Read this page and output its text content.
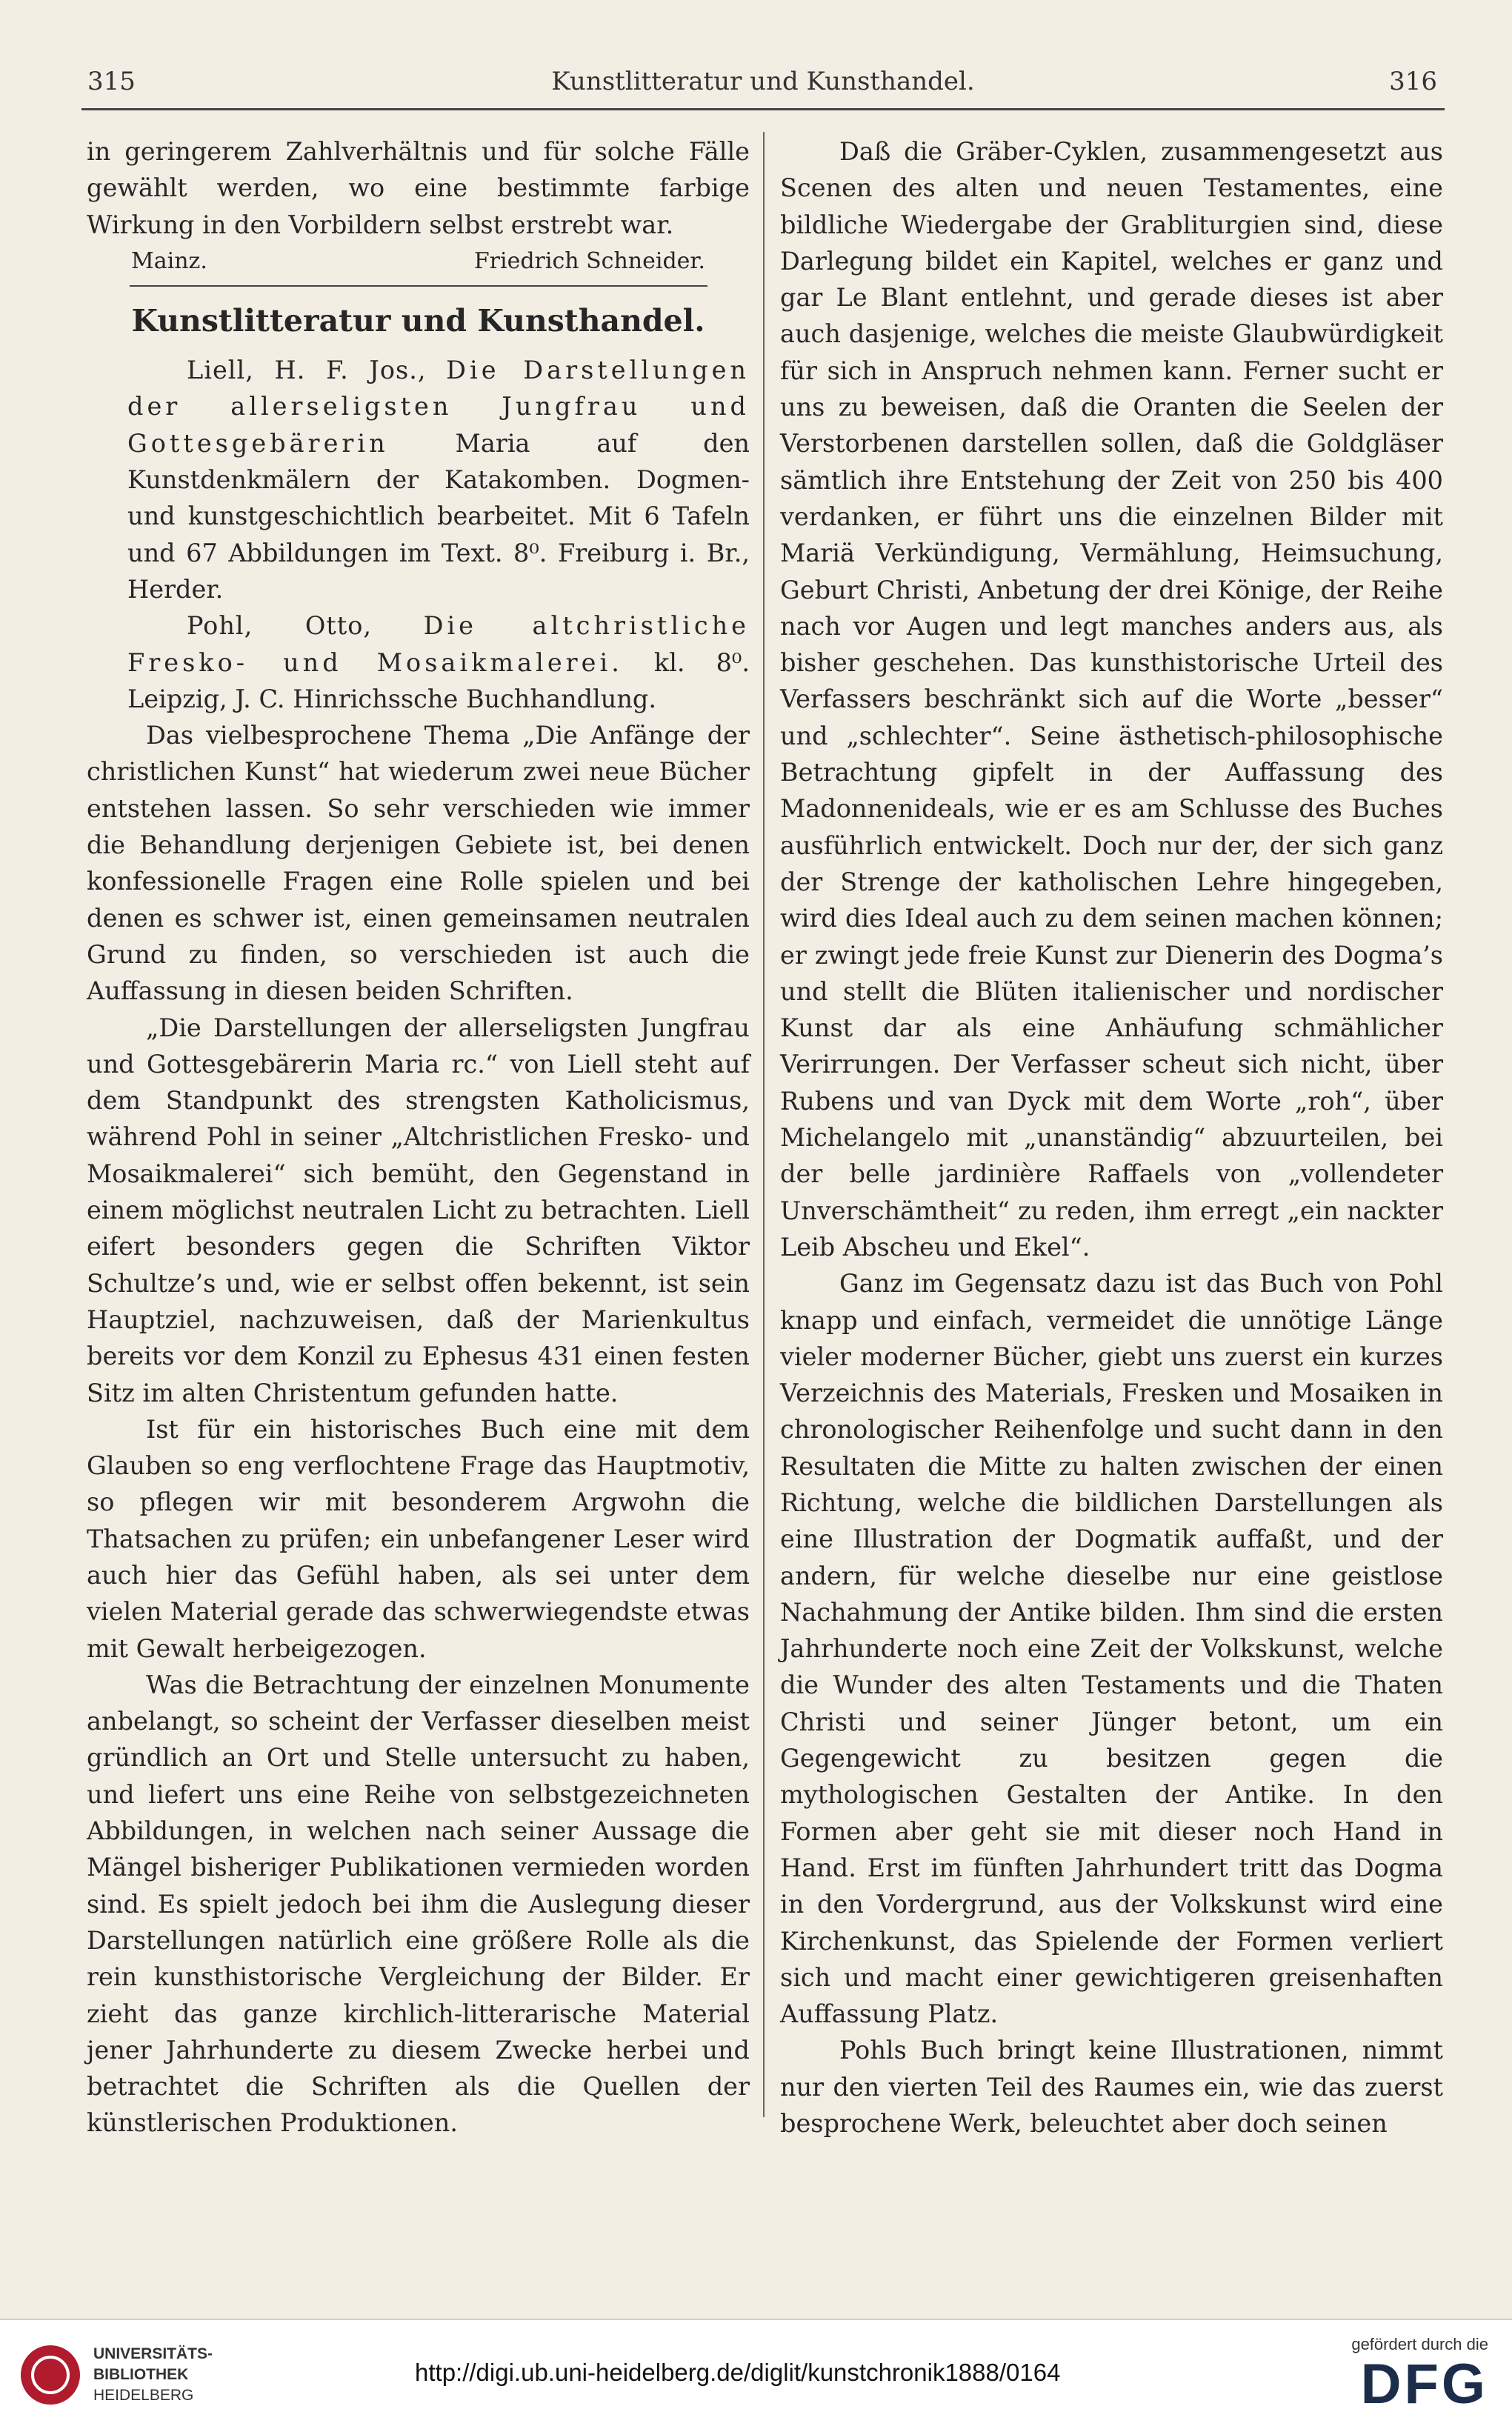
315	Kunstlitteratur und Kunsthandel.	316

in geringerem Zahlverhältnis und für solche Fälle gewählt werden, wo eine bestimmte farbige Wirkung in den Vorbildern selbst erstrebt war.

Mainz.	Friedrich Schneider.
Kunstlitteratur und Kunsthandel.

Liell, H. F. Jos., Die Darstellungen der allerseligsten Jungfrau und Gottesgebärerin	Maria auf den Kunstdenkmälern der Katakomben. Dogmen- und kunstgeschichtlich bearbeitet. Mit 6 Tafeln und 67 Abbildungen im Text. 8⁰. Freiburg i. Br., Herder.

Pohl, Otto, Die altchristliche Fresko- und Mosaikmalerei. kl. 8⁰. Leipzig, J. C. Hinrichssche Buchhandlung.

Das vielbesprochene Thema „Die Anfänge der christlichen Kunst“ hat wiederum zwei neue Bücher entstehen lassen. So sehr verschieden wie immer die Behandlung derjenigen Gebiete ist, bei denen konfessionelle Fragen eine Rolle spielen und bei denen es schwer ist, einen gemeinsamen neutralen Grund zu finden, so verschieden ist auch die Auffassung in diesen beiden Schriften.

„Die Darstellungen der allerseligsten Jungfrau und Gottesgebärerin Maria rc.“ von Liell steht auf dem Standpunkt des strengsten Katholicismus, während Pohl in seiner „Altchristlichen Fresko- und Mosaikmalerei“ sich bemüht, den Gegenstand in einem möglichst neutralen Licht zu betrachten. Liell eifert besonders gegen die Schriften Viktor Schultze’s und, wie er selbst offen bekennt, ist sein Hauptziel, nachzuweisen, daß der Marienkultus bereits vor dem Konzil zu Ephesus 431 einen festen Sitz im alten Christentum gefunden hatte.

Ist für ein historisches Buch eine mit dem Glauben so eng verflochtene Frage das Hauptmotiv, so pflegen wir mit besonderem Argwohn die Thatsachen zu prüfen; ein unbefangener Leser wird auch hier das Gefühl haben, als sei unter dem vielen Material gerade das schwerwiegendste etwas mit Gewalt herbeigezogen.

Was die Betrachtung der einzelnen Monumente anbelangt, so scheint der Verfasser dieselben meist gründlich an Ort und Stelle untersucht zu haben, und liefert uns eine Reihe von selbstgezeichneten Abbildungen, in welchen nach seiner Aussage die Mängel bisheriger Publikationen vermieden worden sind. Es spielt jedoch bei ihm die Auslegung dieser Darstellungen natürlich eine größere Rolle als die rein kunsthistorische Vergleichung der Bilder. Er zieht das ganze kirchlich-litterarische Material jener Jahrhunderte zu diesem Zwecke herbei und betrachtet die Schriften als die Quellen der künstlerischen Produktionen.

Daß die Gräber-Cyklen, zusammengesetzt aus Scenen des alten und neuen Testamentes, eine bildliche Wiedergabe der Grabliturgien sind, diese Darlegung bildet ein Kapitel, welches er ganz und gar Le Blant entlehnt, und gerade dieses ist aber auch dasjenige, welches die meiste Glaubwürdigkeit für sich in Anspruch nehmen kann. Ferner sucht er uns zu beweisen, daß die Oranten die Seelen der Verstorbenen darstellen sollen, daß die Goldgläser sämtlich ihre Entstehung der Zeit von 250 bis 400 verdanken, er führt uns die einzelnen Bilder mit Mariä Verkündigung, Vermählung, Heimsuchung, Geburt Christi, Anbetung der drei Könige, der Reihe nach vor Augen und legt manches anders aus, als bisher geschehen. Das kunsthistorische Urteil des Verfassers beschränkt sich auf die Worte „besser“ und „schlechter“. Seine ästhetisch-philosophische Betrachtung gipfelt in der Auffassung des Madonnenideals, wie er es am Schlusse des Buches ausführlich entwickelt. Doch nur der, der sich ganz der Strenge der katholischen Lehre hingegeben, wird dies Ideal auch zu dem seinen machen können; er zwingt jede freie Kunst zur Dienerin des Dogma’s und stellt die Blüten italienischer und nordischer Kunst dar als eine Anhäufung schmählicher Verirrungen. Der Verfasser scheut sich nicht, über Rubens und van Dyck mit dem Worte „roh“, über Michelangelo mit „unanständig“ abzuurteilen, bei der belle jardinière Raffaels von „vollendeter Unverschämtheit“ zu reden, ihm erregt „ein nackter Leib Abscheu und Ekel“.

Ganz im Gegensatz dazu ist das Buch von Pohl knapp und einfach, vermeidet die unnötige Länge vieler moderner Bücher, giebt uns zuerst ein kurzes Verzeichnis des Materials, Fresken und Mosaiken in chronologischer Reihenfolge und sucht dann in den Resultaten die Mitte zu halten zwischen der einen Richtung, welche die bildlichen Darstellungen als eine Illustration der Dogmatik auffaßt, und der andern, für welche dieselbe nur eine geistlose Nachahmung der Antike bilden. Ihm sind die ersten Jahrhunderte noch eine Zeit der Volkskunst, welche die Wunder des alten Testaments und die Thaten Christi und seiner Jünger betont, um ein Gegengewicht zu besitzen gegen die mythologischen Gestalten der Antike. In den Formen aber geht sie mit dieser noch Hand in Hand. Erst im fünften Jahrhundert tritt das Dogma in den Vordergrund, aus der Volkskunst wird eine Kirchenkunst, das Spielende der Formen verliert sich und macht einer gewichtigeren greisenhaften Auffassung Platz.

Pohls Buch bringt keine Illustrationen, nimmt nur den vierten Teil des Raumes ein, wie das zuerst besprochene Werk, beleuchtet aber doch seinen

UNIVERSITÄTS-
BIBLIOTHEK
HEIDELBERG
http://digi.ub.uni-heidelberg.de/diglit/kunstchronik1888/0164
gefördert durch die
DFG
